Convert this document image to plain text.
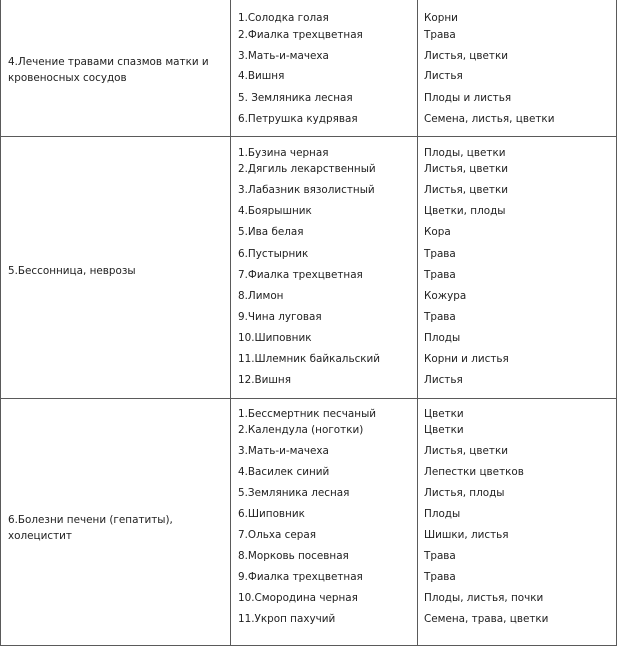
4.Лечение травами спазмов матки и кровеносных сосудов
1.Солодка голая	Корни
2.Фиалка трехцветная	Трава
3.Мать-и-мачеха	Листья, цветки
4.Вишня	Листья
5. Земляника лесная	Плоды и листья
6.Петрушка кудрявая	Семена, листья, цветки
5.Бессонница, неврозы
1.Бузина черная	Плоды, цветки
2.Дягиль лекарственный	Листья, цветки
3.Лабазник вязолистный	Листья, цветки
4.Боярышник	Цветки, плоды
5.Ива белая	Кора
6.Пустырник	Трава
7.Фиалка трехцветная	Трава
8.Лимон	Кожура
9.Чина луговая	Трава
10.Шиповник	Плоды
11.Шлемник байкальский	Корни и листья
12.Вишня	Листья
6.Болезни печени (гепатиты), холецистит
1.Бессмертник песчаный	Цветки
2.Календула (ноготки)	Цветки
3.Мать-и-мачеха	Листья, цветки
4.Василек синий	Лепестки цветков
5.Земляника лесная	Листья, плоды
6.Шиповник	Плоды
7.Ольха серая	Шишки, листья
8.Морковь посевная	Трава
9.Фиалка трехцветная	Трава
10.Смородина черная	Плоды, листья, почки
11.Укроп пахучий	Семена, трава, цветки
